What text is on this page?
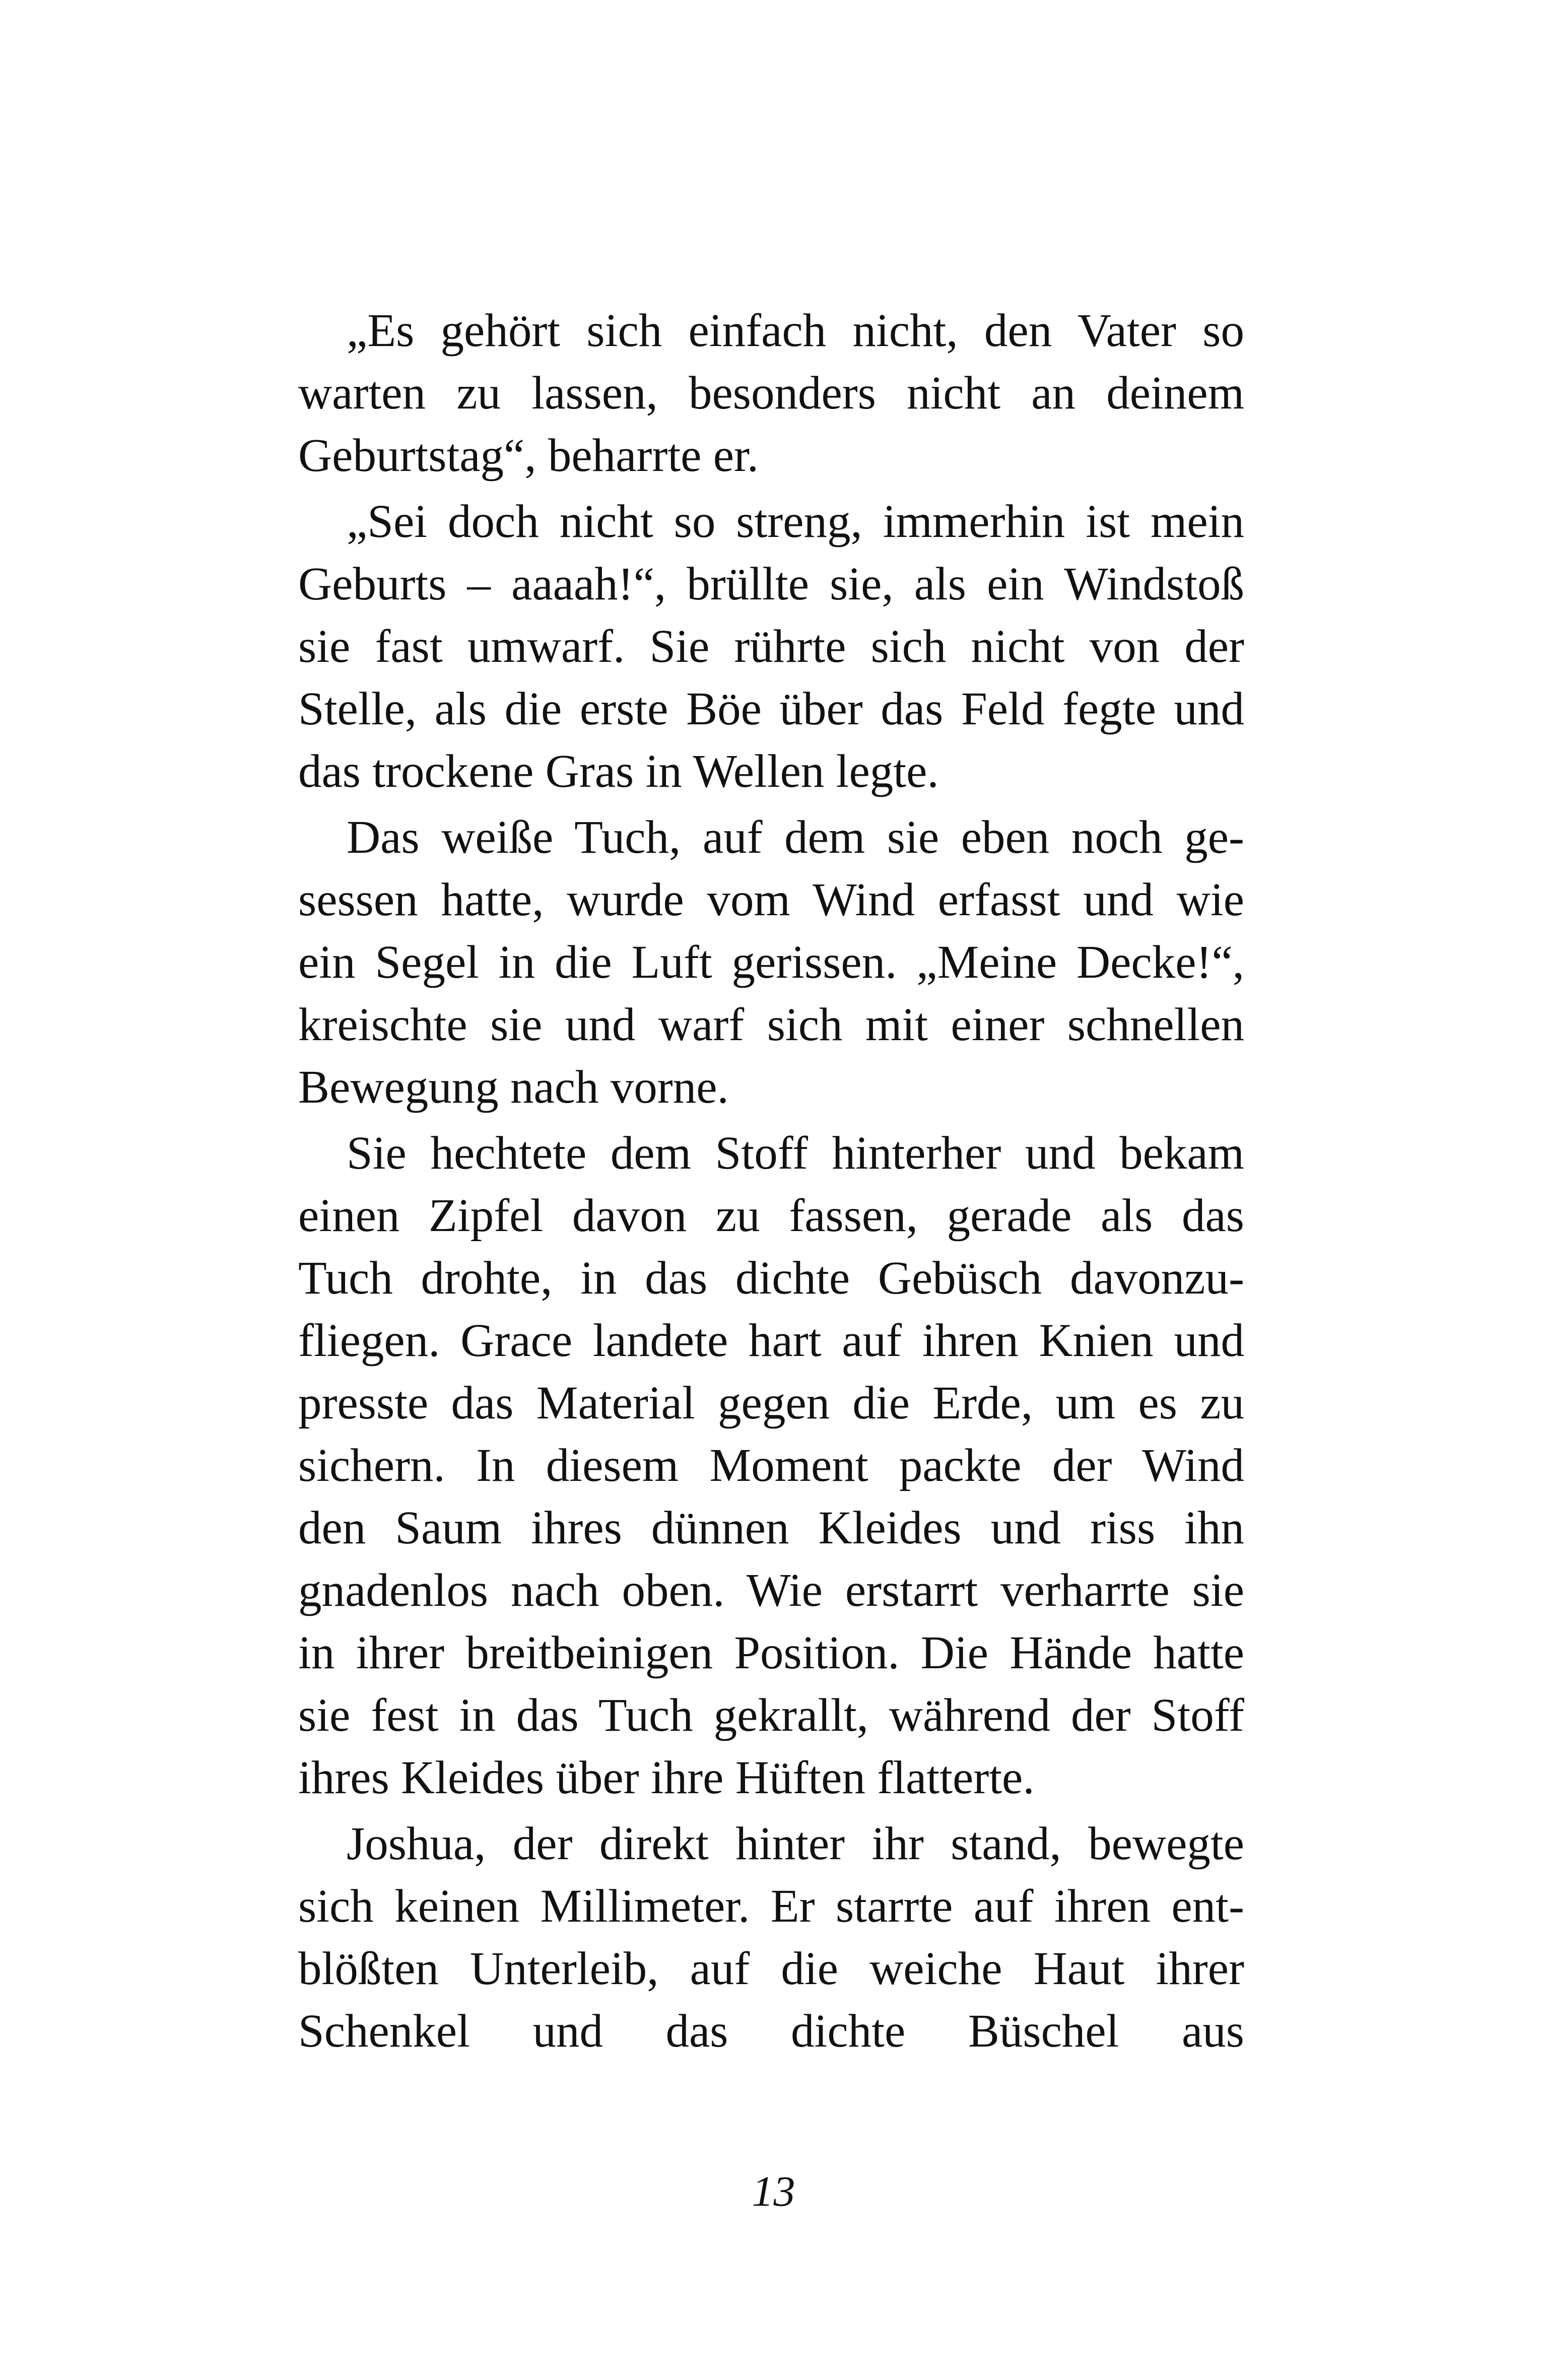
„Es gehört sich einfach nicht, den Vater so
warten zu lassen, besonders nicht an deinem
Geburtstag“, beharrte er.
„Sei doch nicht so streng, immerhin ist mein
Geburts – aaaah!“, brüllte sie, als ein Windstoß
sie fast umwarf. Sie rührte sich nicht von der
Stelle, als die erste Böe über das Feld fegte und
das trockene Gras in Wellen legte.
Das weiße Tuch, auf dem sie eben noch ge-
sessen hatte, wurde vom Wind erfasst und wie
ein Segel in die Luft gerissen. „Meine Decke!“,
kreischte sie und warf sich mit einer schnellen
Bewegung nach vorne.
Sie hechtete dem Stoff hinterher und bekam
einen Zipfel davon zu fassen, gerade als das
Tuch drohte, in das dichte Gebüsch davonzu-
fliegen. Grace landete hart auf ihren Knien und
presste das Material gegen die Erde, um es zu
sichern. In diesem Moment packte der Wind
den Saum ihres dünnen Kleides und riss ihn
gnadenlos nach oben. Wie erstarrt verharrte sie
in ihrer breitbeinigen Position. Die Hände hatte
sie fest in das Tuch gekrallt, während der Stoff
ihres Kleides über ihre Hüften flatterte.
Joshua, der direkt hinter ihr stand, bewegte
sich keinen Millimeter. Er starrte auf ihren ent-
blößten Unterleib, auf die weiche Haut ihrer
Schenkel und das dichte Büschel aus
13
